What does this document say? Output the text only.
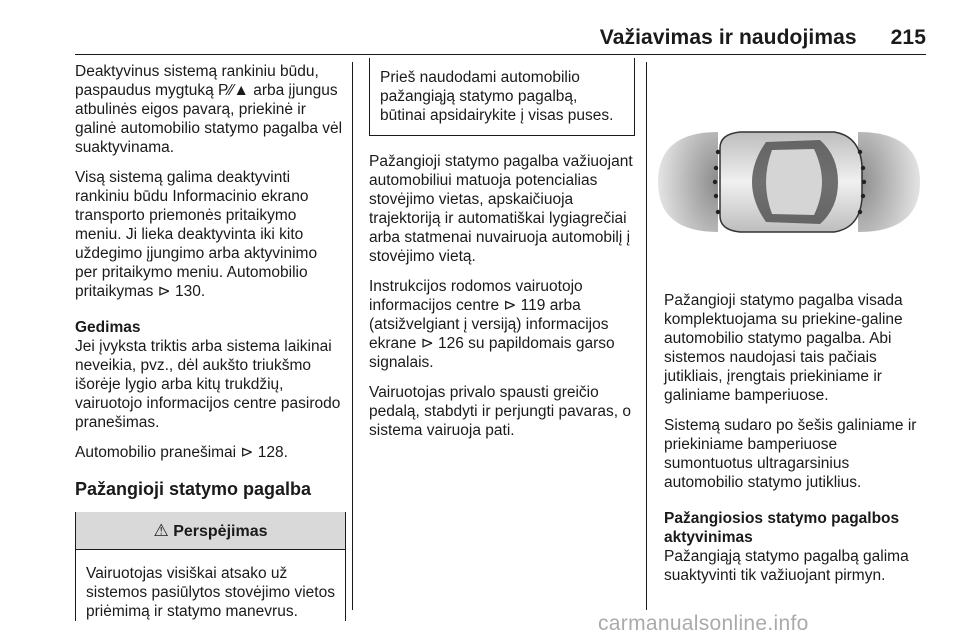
Važiavimas ir naudojimas 215

Deaktyvinus sistemą rankiniu būdu, paspaudus mygtuką P⁄⁄▲ arba įjungus atbulinės eigos pavarą, priekinė ir galinė automobilio statymo pagalba vėl suaktyvinama.

Visą sistemą galima deaktyvinti rankiniu būdu Informacinio ekrano transporto priemonės pritaikymo meniu. Ji lieka deaktyvinta iki kito uždegimo įjungimo arba aktyvinimo per pritaikymo meniu. Automobilio pritaikymas ⊳ 130.

Gedimas

Jei įvyksta triktis arba sistema laikinai neveikia, pvz., dėl aukšto triukšmo išorėje lygio arba kitų trukdžių, vairuotojo informacijos centre pasirodo pranešimas.

Automobilio pranešimai ⊳ 128.

Pažangioji statymo pagalba
⚠ Perspėjimas
Vairuotojas visiškai atsako už sistemos pasiūlytos stovėjimo vietos priėmimą ir statymo manevrus.
Prieš naudodami automobilio pažangiąją statymo pagalbą, būtinai apsidairykite į visas puses.

Pažangioji statymo pagalba važiuojant automobiliui matuoja potencialias stovėjimo vietas, apskaičiuoja trajektoriją ir automatiškai lygiagrečiai arba statmenai nuvairuoja automobilį į stovėjimo vietą.

Instrukcijos rodomos vairuotojo informacijos centre ⊳ 119 arba (atsižvelgiant į versiją) informacijos ekrane ⊳ 126 su papildomais garso signalais.

Vairuotojas privalo spausti greičio pedalą, stabdyti ir perjungti pavaras, o sistema vairuoja pati.

Pažangioji statymo pagalba visada komplektuojama su priekine-galine automobilio statymo pagalba. Abi sistemos naudojasi tais pačiais jutikliais, įrengtais priekiniame ir galiniame bamperiuose.

Sistemą sudaro po šešis galiniame ir priekiniame bamperiuose sumontuotus ultragarsinius automobilio statymo jutiklius.

Pažangiosios statymo pagalbos aktyvinimas

Pažangiąją statymo pagalbą galima suaktyvinti tik važiuojant pirmyn.

carmanualsonline.info
